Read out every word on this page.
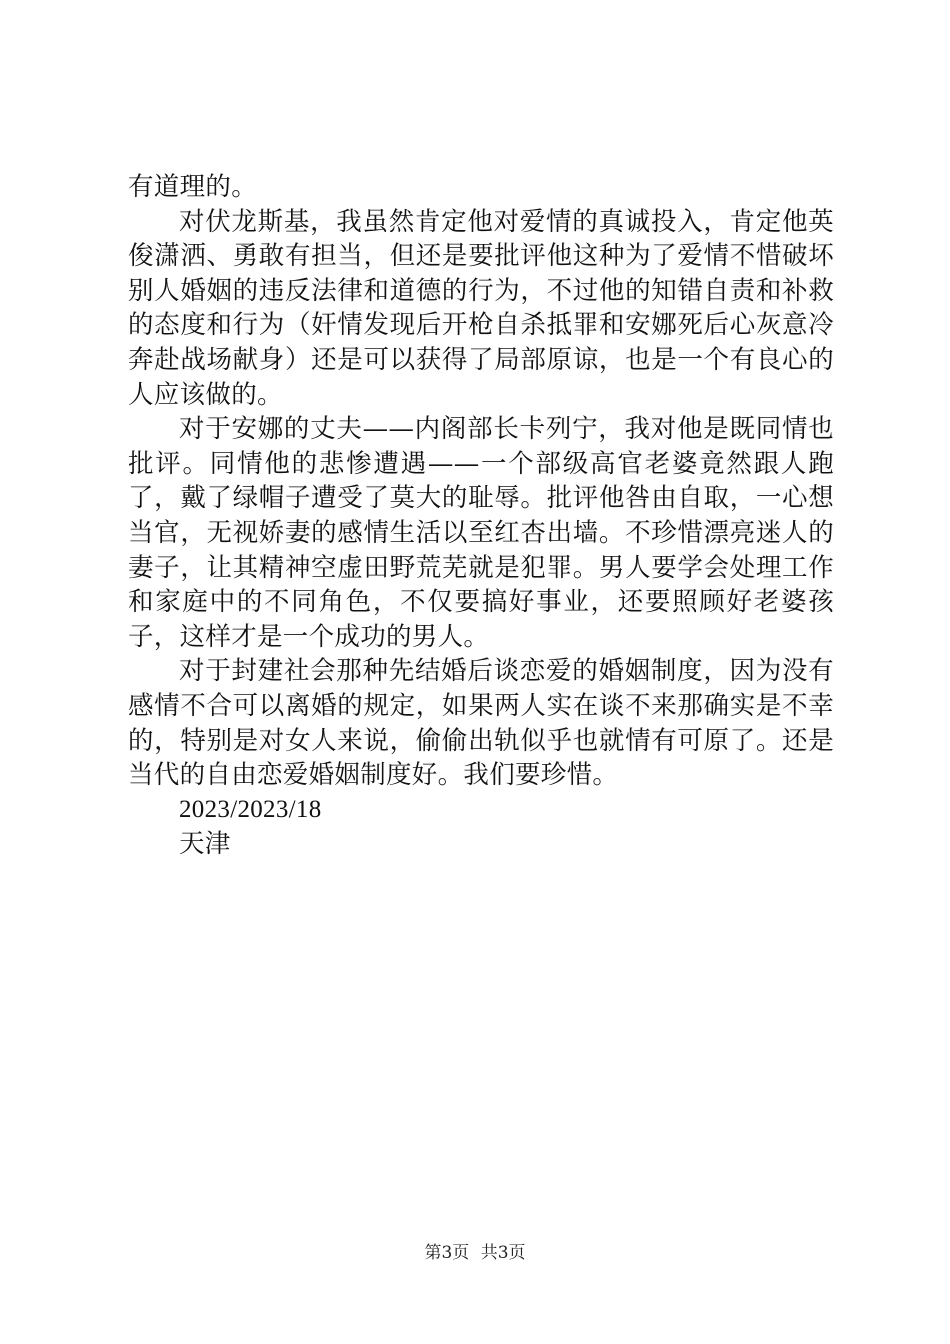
有道理的。

对伏龙斯基，我虽然肯定他对爱情的真诚投入，肯定他英俊潇洒、勇敢有担当，但还是要批评他这种为了爱情不惜破坏别人婚姻的违反法律和道德的行为，不过他的知错自责和补救的态度和行为（奸情发现后开枪自杀抵罪和安娜死后心灰意冷奔赴战场献身）还是可以获得了局部原谅，也是一个有良心的人应该做的。

对于安娜的丈夫——内阁部长卡列宁，我对他是既同情也批评。同情他的悲惨遭遇——一个部级高官老婆竟然跟人跑了，戴了绿帽子遭受了莫大的耻辱。批评他咎由自取，一心想当官，无视娇妻的感情生活以至红杏出墙。不珍惜漂亮迷人的妻子，让其精神空虚田野荒芜就是犯罪。男人要学会处理工作和家庭中的不同角色，不仅要搞好事业，还要照顾好老婆孩子，这样才是一个成功的男人。

对于封建社会那种先结婚后谈恋爱的婚姻制度，因为没有感情不合可以离婚的规定，如果两人实在谈不来那确实是不幸的，特别是对女人来说，偷偷出轨似乎也就情有可原了。还是当代的自由恋爱婚姻制度好。我们要珍惜。

2023/2023/18

天津

第3页 共3页
